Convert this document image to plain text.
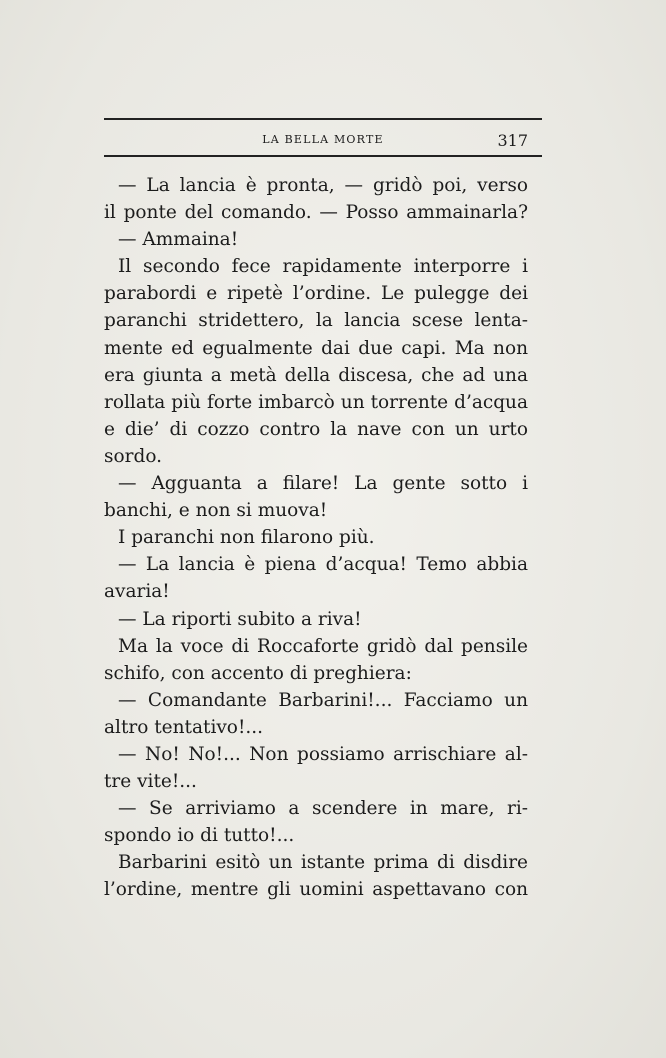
LA BELLA MORTE	317
— La lancia è pronta, — gridò poi, verso
il ponte del comando. — Posso ammainarla?
— Ammaina!
Il secondo fece rapidamente interporre i
parabordi e ripetè l’ordine. Le pulegge dei
paranchi stridettero, la lancia scese lenta-
mente ed egualmente dai due capi. Ma non
era giunta a metà della discesa, che ad una
rollata più forte imbarcò un torrente d’acqua
e die’ di cozzo contro la nave con un urto
sordo.
— Agguanta a filare! La gente sotto i
banchi, e non si muova!
I paranchi non filarono più.
— La lancia è piena d’acqua! Temo abbia
avaria!
— La riporti subito a riva!
Ma la voce di Roccaforte gridò dal pensile
schifo, con accento di preghiera:
— Comandante Barbarini!... Facciamo un
altro tentativo!...
— No! No!... Non possiamo arrischiare al-
tre vite!...
— Se arriviamo a scendere in mare, ri-
spondo io di tutto!...
Barbarini esitò un istante prima di disdire
l’ordine, mentre gli uomini aspettavano con
